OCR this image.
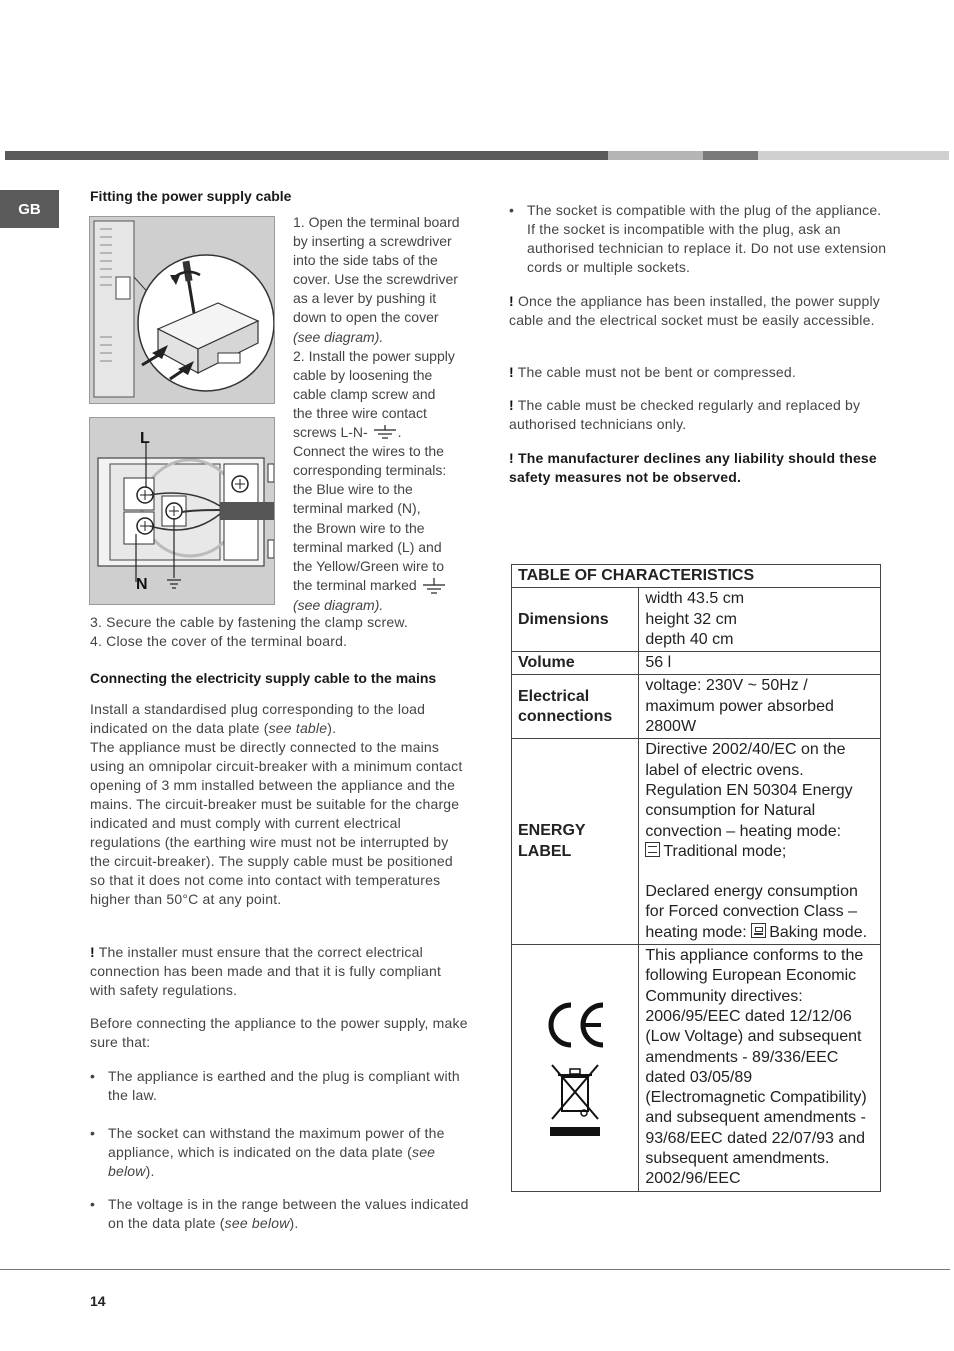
GB
Fitting the power supply cable
L
N
1. Open the terminal board
by inserting a screwdriver
into the side tabs of the
cover. Use the screwdriver
as a lever by pushing it
down to open the cover
(see diagram).
2. Install the power supply
cable by loosening the
cable clamp screw and
the three wire contact
screws L-N- .
Connect the wires to the
corresponding terminals:
the Blue wire to the
terminal marked (N),
the Brown wire to the
terminal marked (L) and
the Yellow/Green wire to
the terminal marked
(see diagram).
3. Secure the cable by fastening the clamp screw.
4. Close the cover of the terminal board.
Connecting the electricity supply cable to the mains
Install a standardised plug corresponding to the load indicated on the data plate (see table).
The appliance must be directly connected to the mains using an omnipolar circuit-breaker with a minimum contact opening of 3 mm installed between the appliance and the mains. The circuit-breaker must be suitable for the charge indicated and must comply with current electrical regulations (the earthing wire must not be interrupted by the circuit-breaker). The supply cable must be positioned so that it does not come into contact with temperatures higher than 50°C at any point.
! The installer must ensure that the correct electrical connection has been made and that it is fully compliant with safety regulations.
Before connecting the appliance to the power supply, make sure that:
• The appliance is earthed and the plug is compliant with the law.
• The socket can withstand the maximum power of the appliance, which is indicated on the data plate (see below).
• The voltage is in the range between the values indicated on the data plate (see below).
• The socket is compatible with the plug of the appliance. If the socket is incompatible with the plug, ask an authorised technician to replace it. Do not use extension cords or multiple sockets.
! Once the appliance has been installed, the power supply cable and the electrical socket must be easily accessible.
! The cable must not be bent or compressed.
! The cable must be checked regularly and replaced by authorised technicians only.
! The manufacturer declines any liability should these safety measures not be observed.
TABLE OF CHARACTERISTICS	
Dimensions	width 43.5 cm
height 32 cm
depth 40 cm

Volume	56 l
Electrical connections	voltage: 230V ~ 50Hz / maximum power absorbed 2800W
ENERGY LABEL	Directive 2002/40/EC on the label of electric ovens. Regulation EN 50304 Energy consumption for Natural convection – heating mode:
Traditional mode;
Declared energy consumption for Forced convection Class – heating mode: Baking mode.

This appliance conforms to the following European Economic Community directives: 2006/95/EEC dated 12/12/06 (Low Voltage) and subsequent amendments - 89/336/EEC dated 03/05/89 (Electromagnetic Compatibility) and subsequent amendments - 93/68/EEC dated 22/07/93 and subsequent amendments.
2002/96/EEC
14
